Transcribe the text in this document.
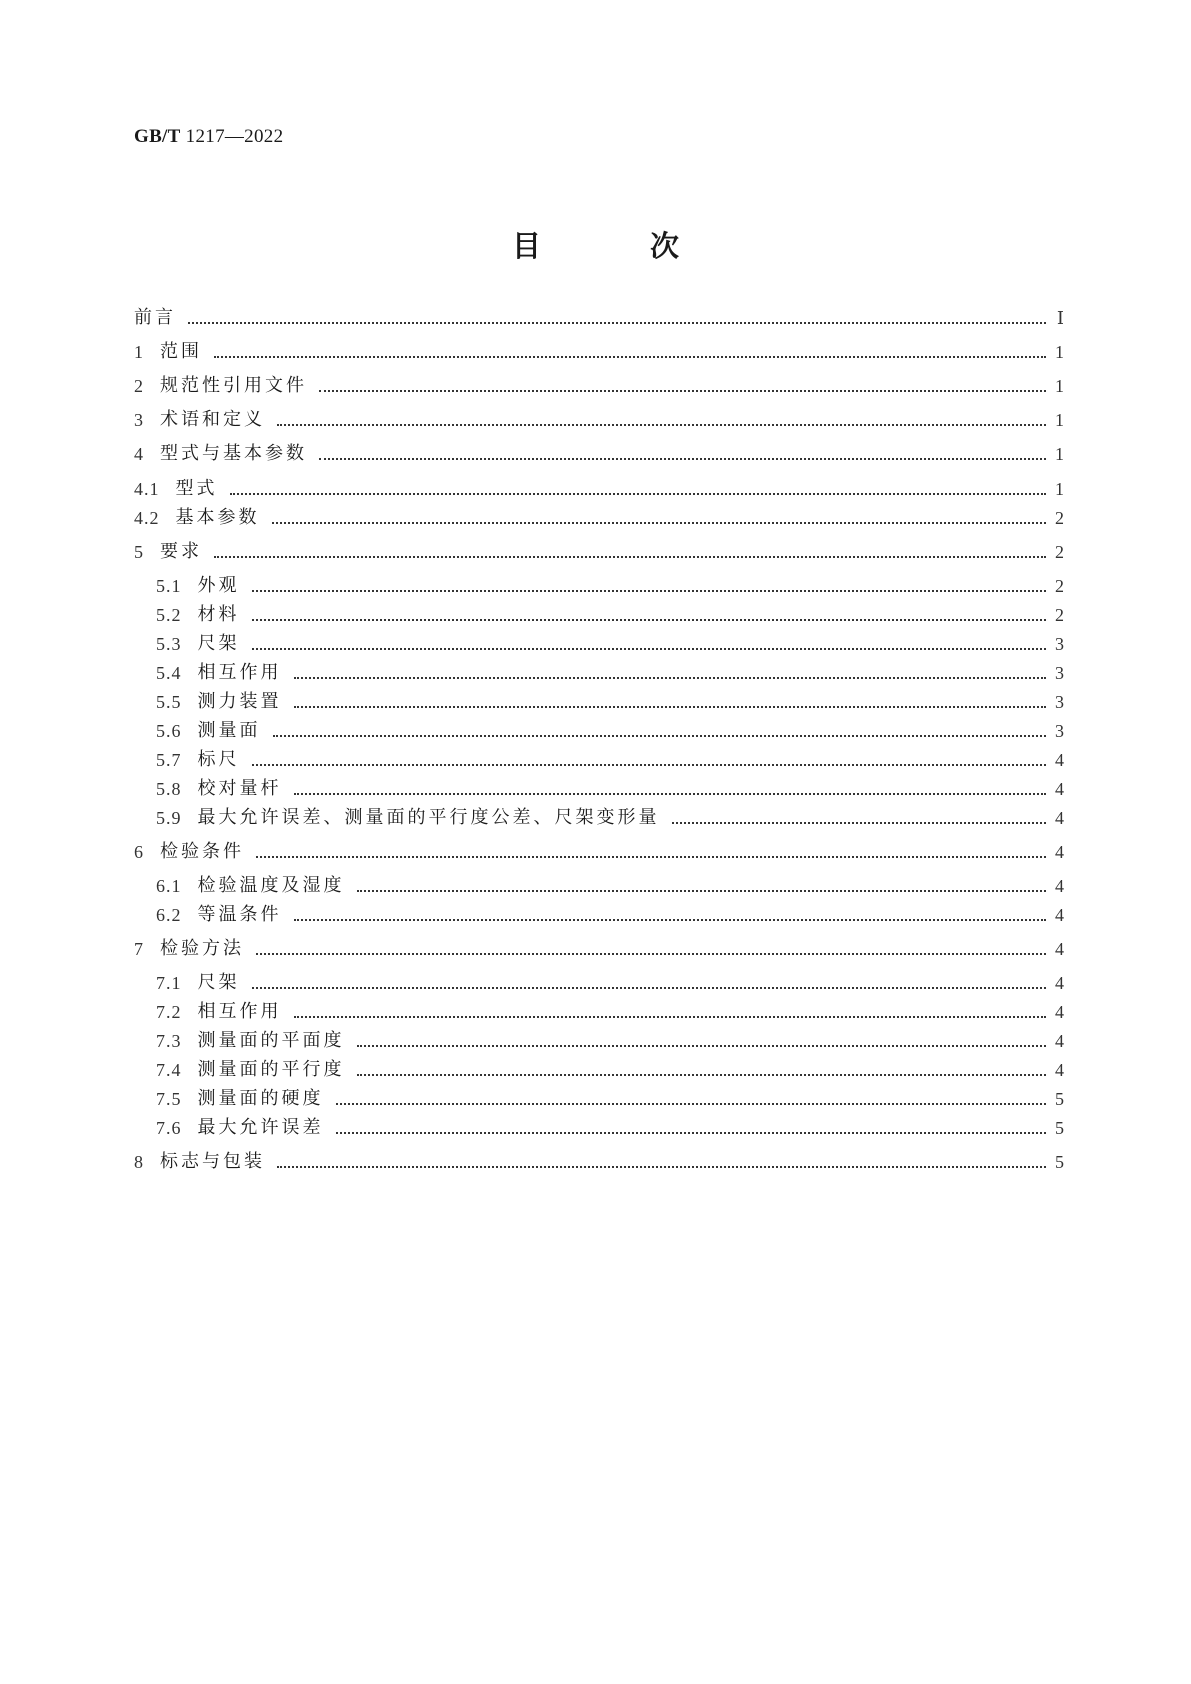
GB/T 1217—2022
目　次
前言	Ⅰ
1 范围	1
2 规范性引用文件	1
3 术语和定义	1
4 型式与基本参数	1
4.1 型式	1
4.2 基本参数	2
5 要求	2
5.1 外观	2
5.2 材料	2
5.3 尺架	3
5.4 相互作用	3
5.5 测力装置	3
5.6 测量面	3
5.7 标尺	4
5.8 校对量杆	4
5.9 最大允许误差、测量面的平行度公差、尺架变形量	4
6 检验条件	4
6.1 检验温度及湿度	4
6.2 等温条件	4
7 检验方法	4
7.1 尺架	4
7.2 相互作用	4
7.3 测量面的平面度	4
7.4 测量面的平行度	4
7.5 测量面的硬度	5
7.6 最大允许误差	5
8 标志与包装	5
